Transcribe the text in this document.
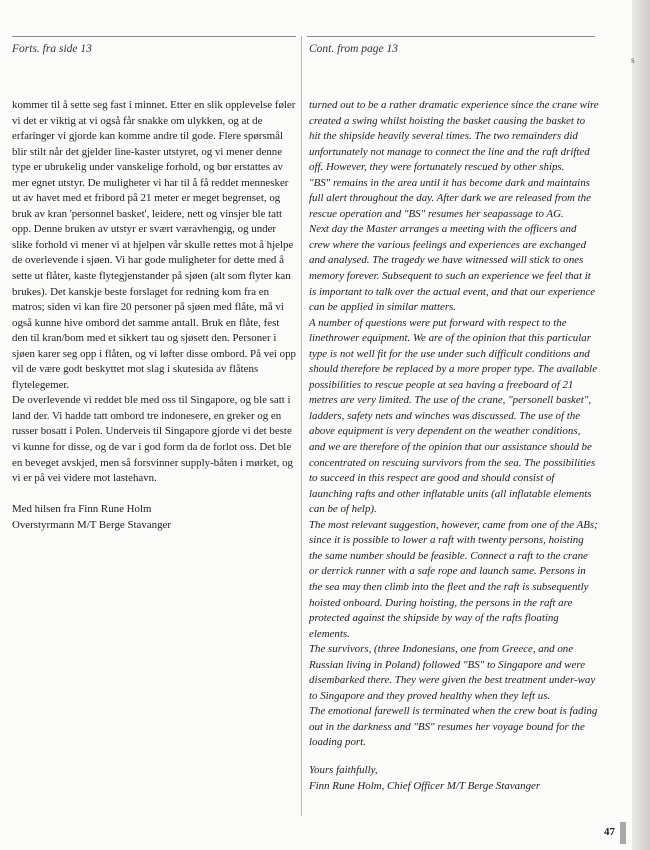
s
Forts. fra side 13	Cont. from page 13

kommer til å sette seg fast i minnet. Etter en slik opplevelse føler vi det er viktig at vi også får snakke om ulykken, og at de erfaringer vi gjorde kan komme andre til gode. Flere spørsmål blir stilt når det gjelder line-kaster utstyret, og vi mener denne type er ubrukelig under vanskelige forhold, og bør erstattes av mer egnet utstyr. De muligheter vi har til å få reddet mennesker ut av havet med et fribord på 21 meter er meget begrenset, og bruk av kran 'personnel basket', leidere, nett og vinsjer ble tatt opp. Denne bruken av utstyr er svært væravhengig, og under slike forhold vi mener vi at hjelpen vår skulle rettes mot å hjelpe de overlevende i sjøen. Vi har gode muligheter for dette med å sette ut flåter, kaste flytegjenstander på sjøen (alt som flyter kan brukes). Det kanskje beste forslaget for redning kom fra en matros; siden vi kan fire 20 personer på sjøen med flåte, må vi også kunne hive ombord det samme antall. Bruk en flåte, fest den til kran/bom med et sikkert tau og sjøsett den. Personer i sjøen karer seg opp i flåten, og vi løfter disse ombord. På vei opp vil de være godt beskyttet mot slag i skutesida av flåtens flytelegemer.

De overlevende vi reddet ble med oss til Singapore, og ble satt i land der. Vi hadde tatt ombord tre indonesere, en greker og en russer bosatt i Polen. Underveis til Singapore gjorde vi det beste vi kunne for disse, og de var i god form da de forlot oss. Det ble en beveget avskjed, men så forsvinner supply-båten i mørket, og vi er på vei videre mot lastehavn.

Med hilsen fra Finn Rune Holm

Overstyrmann M/T Berge Stavanger

turned out to be a rather dramatic experience since the crane wire created a swing whilst hoisting the basket causing the basket to hit the shipside heavily several times. The two remainders did unfortunately not manage to connect the line and the raft drifted off. However, they were fortunately rescued by other ships.

"BS" remains in the area until it has become dark and maintains full alert throughout the day. After dark we are released from the rescue operation and "BS" resumes her seapassage to AG.

Next day the Master arranges a meeting with the officers and crew where the various feelings and experiences are exchanged and analysed. The tragedy we have witnessed will stick to ones memory forever. Subsequent to such an experience we feel that it is important to talk over the actual event, and that our experience can be applied in similar matters.

A number of questions were put forward with respect to the linethrower equipment. We are of the opinion that this particular type is not well fit for the use under such difficult conditions and should therefore be replaced by a more proper type. The available possibilities to rescue people at sea having a freeboard of 21 metres are very limited. The use of the crane, "personell basket", ladders, safety nets and winches was discussed. The use of the above equipment is very dependent on the weather conditions, and we are therefore of the opinion that our assistance should be concentrated on rescuing survivors from the sea. The possibilities to succeed in this respect are good and should consist of launching rafts and other inflatable units (all inflatable elements can be of help).

The most relevant suggestion, however, came from one of the ABs; since it is possible to lower a raft with twenty persons, hoisting the same number should be feasible. Connect a raft to the crane or derrick runner with a safe rope and launch same. Persons in the sea may then climb into the fleet and the raft is subsequently hoisted onboard. During hoisting, the persons in the raft are protected against the shipside by way of the rafts floating elements.

The survivors, (three Indonesians, one from Greece, and one Russian living in Poland) followed "BS" to Singapore and were disembarked there. They were given the best treatment under-way to Singapore and they proved healthy when they left us.

The emotional farewell is terminated when the crew boat is fading out in the darkness and "BS" resumes her voyage bound for the loading port.

Yours faithfully,

Finn Rune Holm, Chief Officer M/T Berge Stavanger

47
